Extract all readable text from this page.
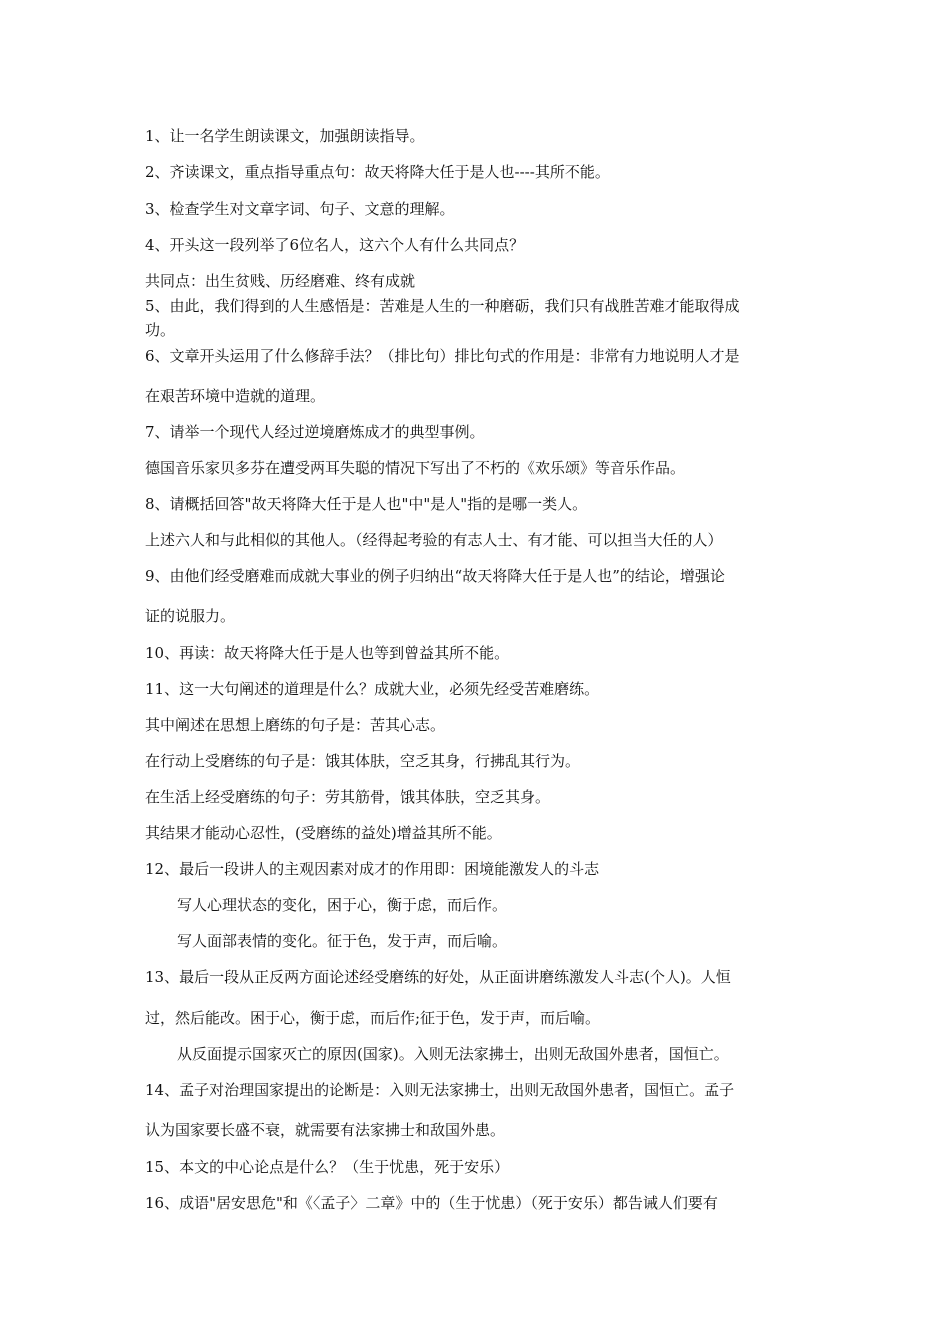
1、让一名学生朗读课文，加强朗读指导。
2、齐读课文，重点指导重点句：故天将降大任于是人也----其所不能。
3、检查学生对文章字词、句子、文意的理解。
4、开头这一段列举了6位名人，这六个人有什么共同点？
共同点：出生贫贱、历经磨难、终有成就
5、由此，我们得到的人生感悟是：苦难是人生的一种磨砺，我们只有战胜苦难才能取得成
功。
6、文章开头运用了什么修辞手法？（排比句）排比句式的作用是：非常有力地说明人才是
在艰苦环境中造就的道理。
7、请举一个现代人经过逆境磨炼成才的典型事例。
德国音乐家贝多芬在遭受两耳失聪的情况下写出了不朽的《欢乐颂》等音乐作品。
8、请概括回答"故天将降大任于是人也"中"是人"指的是哪一类人。
上述六人和与此相似的其他人。（经得起考验的有志人士、有才能、可以担当大任的人）
9、由他们经受磨难而成就大事业的例子归纳出“故天将降大任于是人也”的结论，增强论
证的说服力。
10、再读：故天将降大任于是人也等到曾益其所不能。
11、这一大句阐述的道理是什么？成就大业，必须先经受苦难磨练。
其中阐述在思想上磨练的句子是：苦其心志。
在行动上受磨练的句子是：饿其体肤，空乏其身，行拂乱其行为。
在生活上经受磨练的句子：劳其筋骨，饿其体肤，空乏其身。
其结果才能动心忍性，(受磨练的益处)增益其所不能。
12、最后一段讲人的主观因素对成才的作用即：困境能激发人的斗志
写人心理状态的变化，困于心，衡于虑，而后作。
写人面部表情的变化。征于色，发于声，而后喻。
13、最后一段从正反两方面论述经受磨练的好处，从正面讲磨练激发人斗志(个人)。人恒
过，然后能改。困于心，衡于虑，而后作;征于色，发于声，而后喻。
从反面提示国家灭亡的原因(国家)。入则无法家拂士，出则无敌国外患者，国恒亡。
14、孟子对治理国家提出的论断是：入则无法家拂士，出则无敌国外患者，国恒亡。孟子
认为国家要长盛不衰，就需要有法家拂士和敌国外患。
15、本文的中心论点是什么？（生于忧患，死于安乐）
16、成语"居安思危"和《〈孟子〉二章》中的（生于忧患）（死于安乐）都告诫人们要有
